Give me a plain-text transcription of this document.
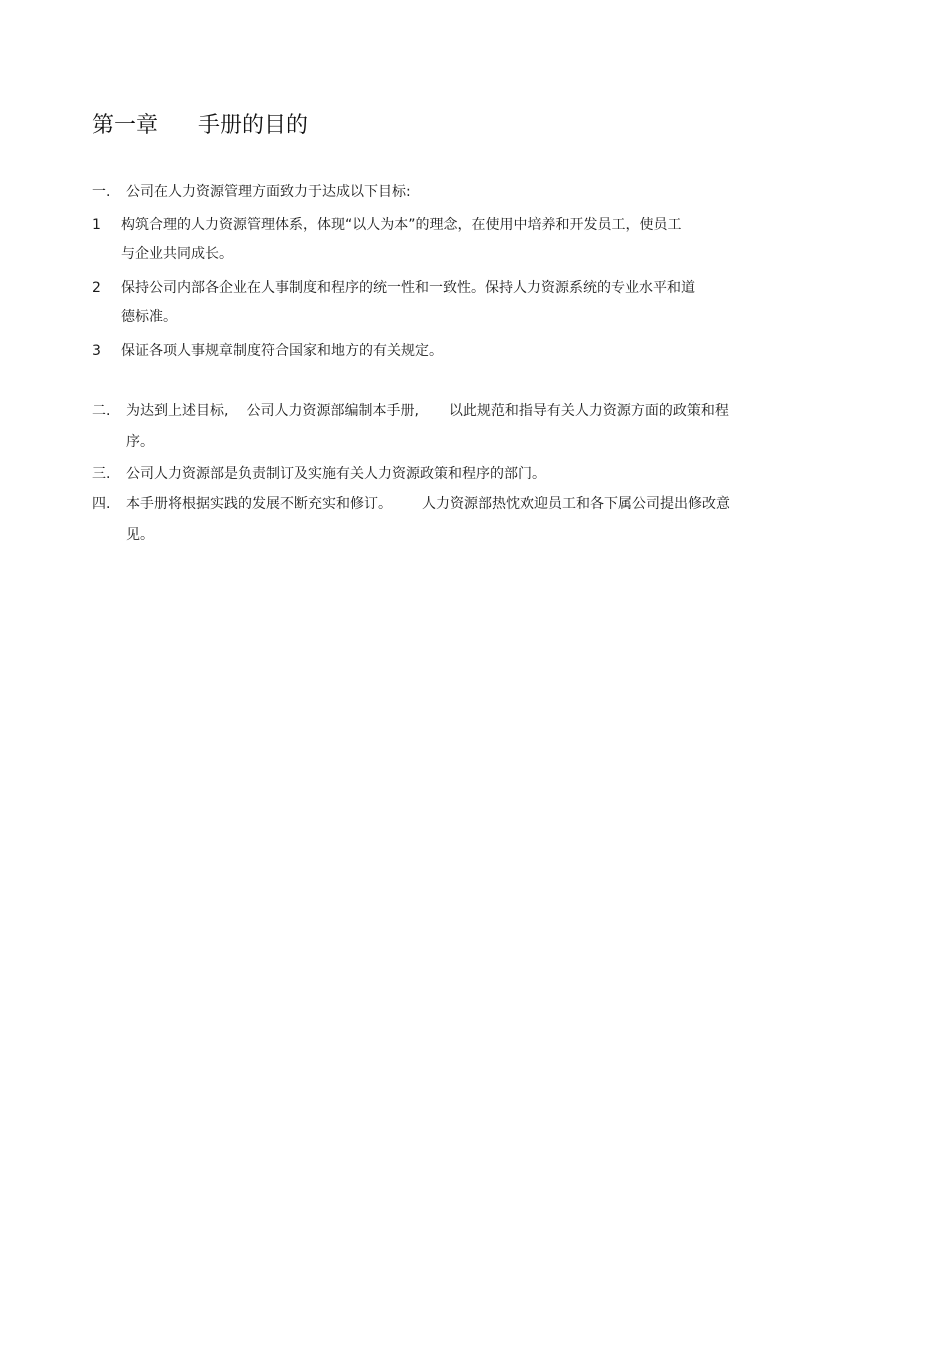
第一章 手册的目的
一. 公司在人力资源管理方面致力于达成以下目标:
1 构筑合理的人力资源管理体系，体现“以人为本”的理念，在使用中培养和开发员工，使员工
与企业共同成长。
2 保持公司内部各企业在人事制度和程序的统一性和一致性。保持人力资源系统的专业水平和道
德标准。
3 保证各项人事规章制度符合国家和地方的有关规定。
二. 为达到上述目标, 公司人力资源部编制本手册, 以此规范和指导有关人力资源方面的政策和程
序。
三. 公司人力资源部是负责制订及实施有关人力资源政策和程序的部门。
四. 本手册将根据实践的发展不断充实和修订。 人力资源部热忱欢迎员工和各下属公司提出修改意
见。
